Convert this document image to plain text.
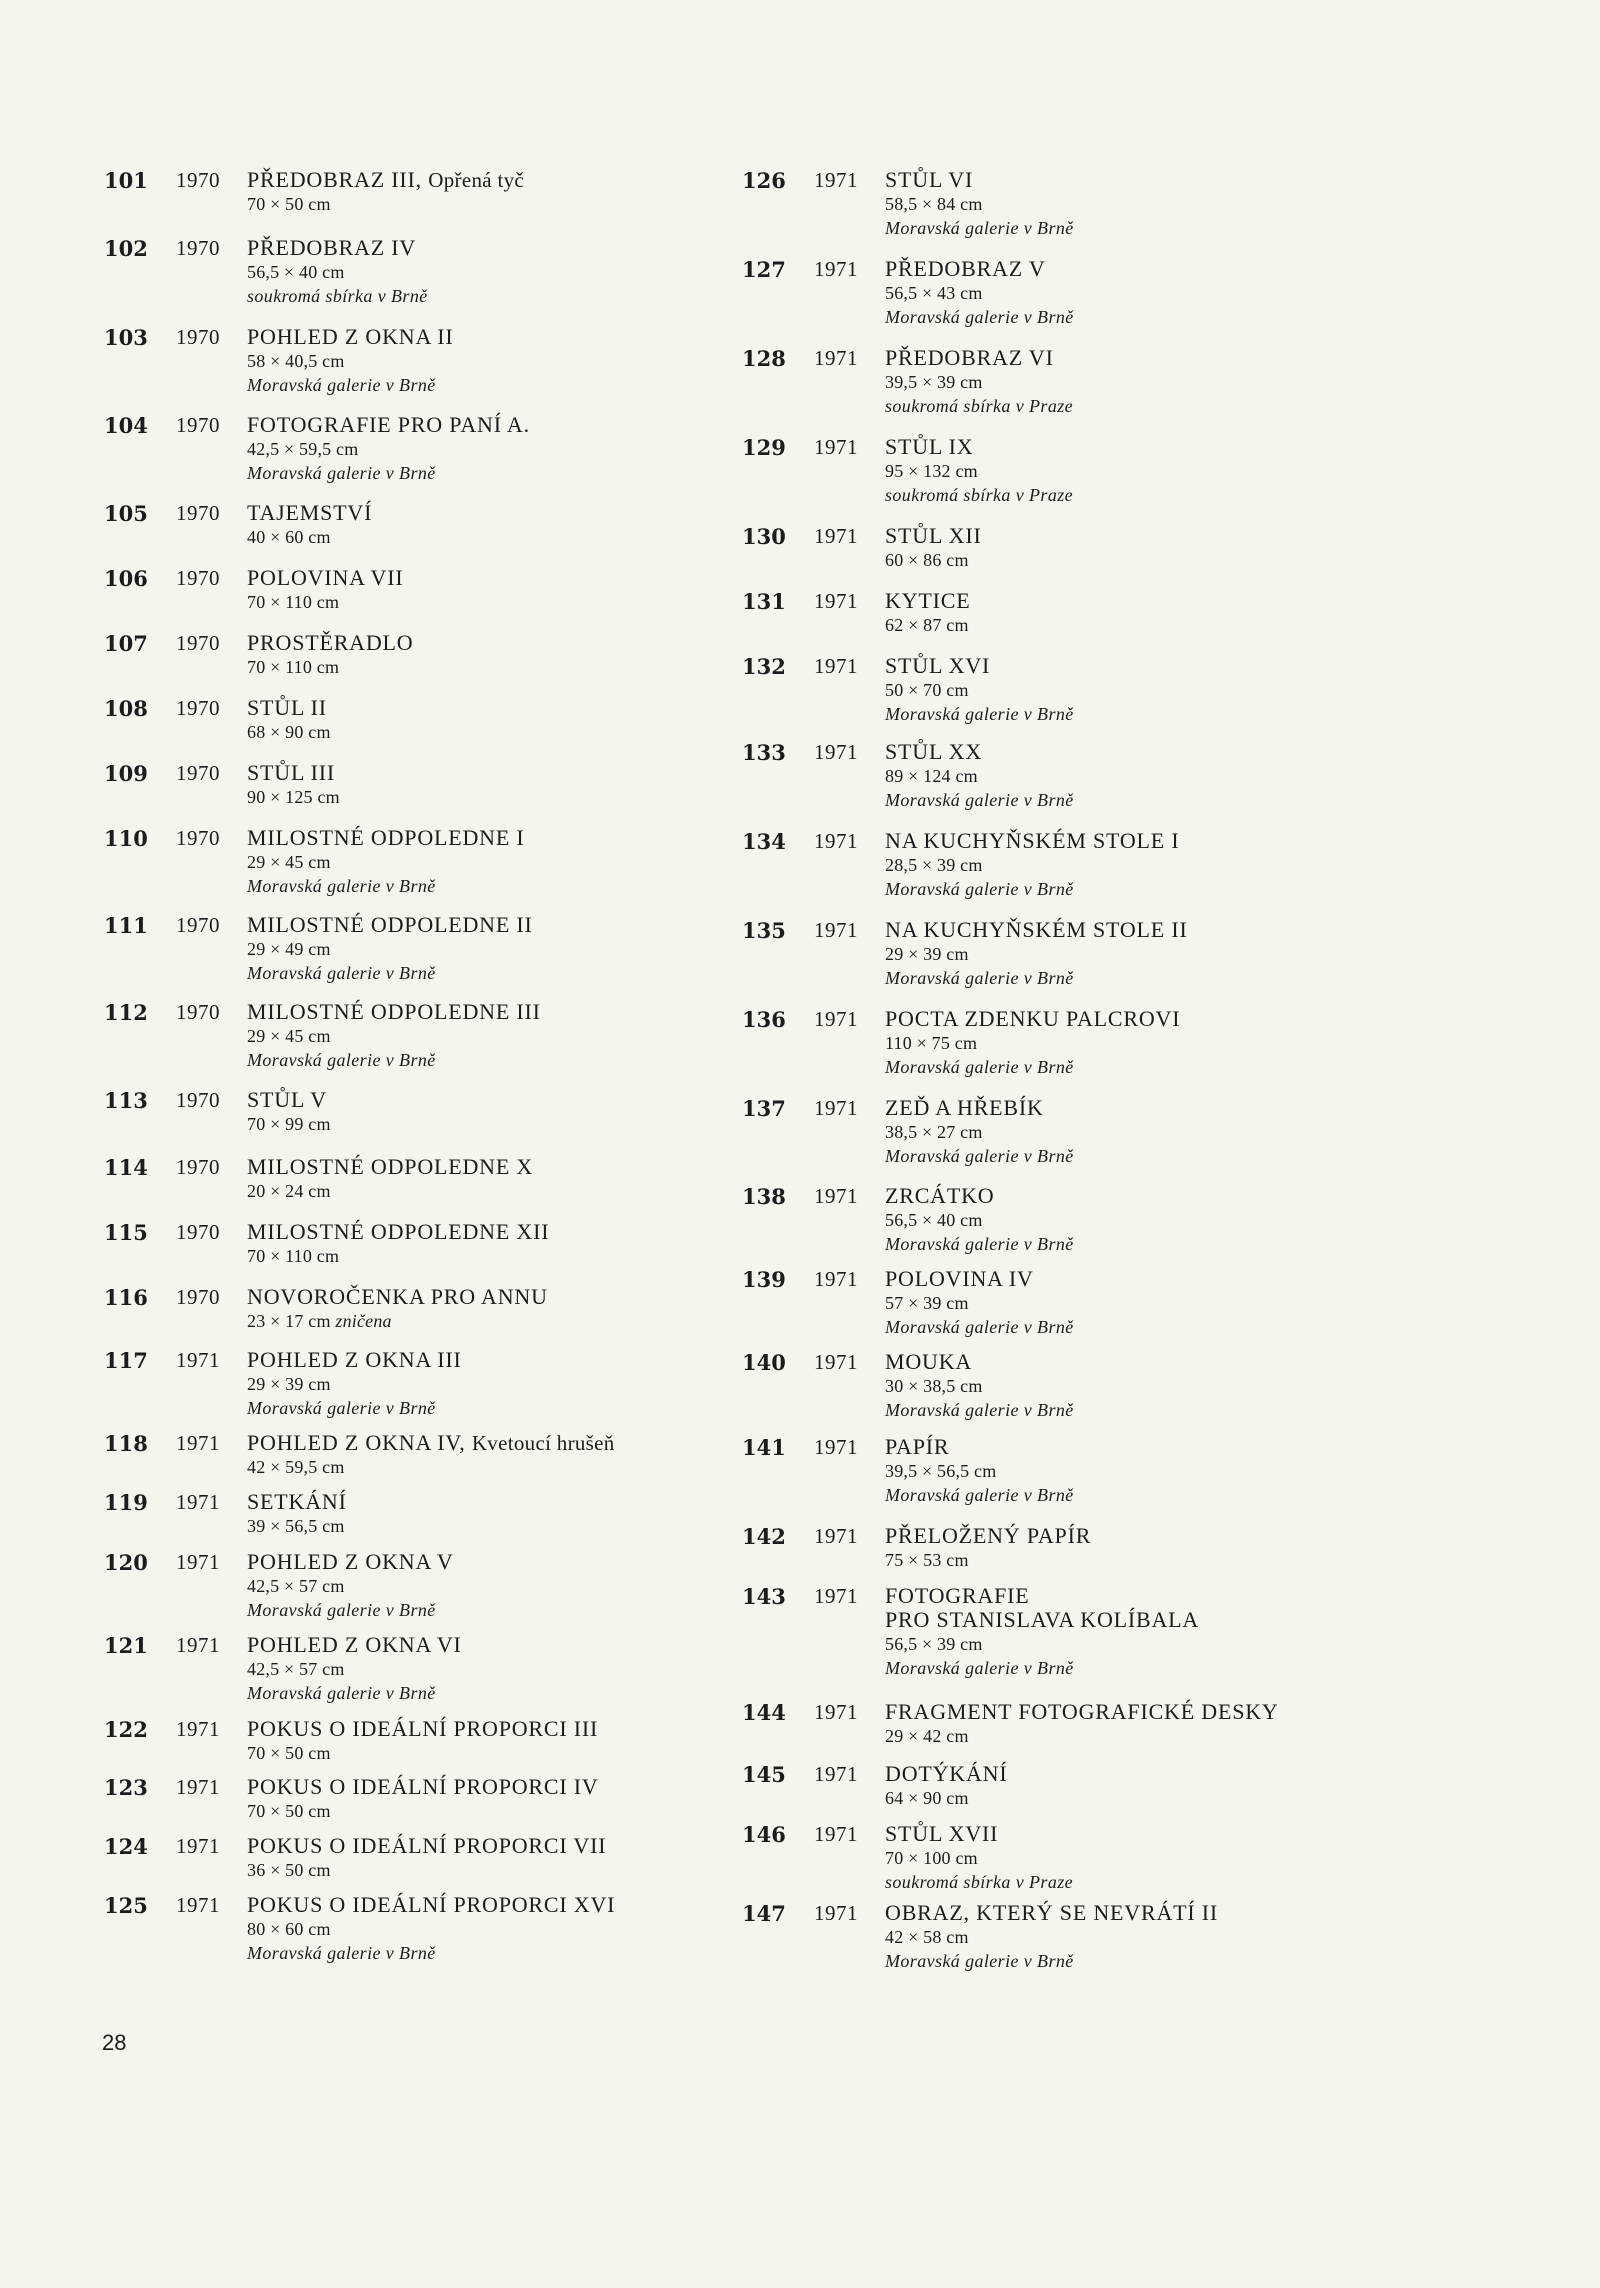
101 1970 PŘEDOBRAZ III, Opřená tyč
70 × 50 cm
102 1970 PŘEDOBRAZ IV
56,5 × 40 cm
soukromá sbírka v Brně
103 1970 POHLED Z OKNA II
58 × 40,5 cm
Moravská galerie v Brně
104 1970 FOTOGRAFIE PRO PANÍ A.
42,5 × 59,5 cm
Moravská galerie v Brně
105 1970 TAJEMSTVÍ
40 × 60 cm
106 1970 POLOVINA VII
70 × 110 cm
107 1970 PROSTĚRADLO
70 × 110 cm
108 1970 STŮL II
68 × 90 cm
109 1970 STŮL III
90 × 125 cm
110 1970 MILOSTNÉ ODPOLEDNE I
29 × 45 cm
Moravská galerie v Brně
111 1970 MILOSTNÉ ODPOLEDNE II
29 × 49 cm
Moravská galerie v Brně
112 1970 MILOSTNÉ ODPOLEDNE III
29 × 45 cm
Moravská galerie v Brně
113 1970 STŮL V
70 × 99 cm
114 1970 MILOSTNÉ ODPOLEDNE X
20 × 24 cm
115 1970 MILOSTNÉ ODPOLEDNE XII
70 × 110 cm
116 1970 NOVOROČENKA PRO ANNU
23 × 17 cm zničena
117 1971 POHLED Z OKNA III
29 × 39 cm
Moravská galerie v Brně
118 1971 POHLED Z OKNA IV, Kvetoucí hrušeň
42 × 59,5 cm
119 1971 SETKÁNÍ
39 × 56,5 cm
120 1971 POHLED Z OKNA V
42,5 × 57 cm
Moravská galerie v Brně
121 1971 POHLED Z OKNA VI
42,5 × 57 cm
Moravská galerie v Brně
122 1971 POKUS O IDEÁLNÍ PROPORCI III
70 × 50 cm
123 1971 POKUS O IDEÁLNÍ PROPORCI IV
70 × 50 cm
124 1971 POKUS O IDEÁLNÍ PROPORCI VII
36 × 50 cm
125 1971 POKUS O IDEÁLNÍ PROPORCI XVI
80 × 60 cm
Moravská galerie v Brně
126 1971 STŮL VI
58,5 × 84 cm
Moravská galerie v Brně
127 1971 PŘEDOBRAZ V
56,5 × 43 cm
Moravská galerie v Brně
128 1971 PŘEDOBRAZ VI
39,5 × 39 cm
soukromá sbírka v Praze
129 1971 STŮL IX
95 × 132 cm
soukromá sbírka v Praze
130 1971 STŮL XII
60 × 86 cm
131 1971 KYTICE
62 × 87 cm
132 1971 STŮL XVI
50 × 70 cm
Moravská galerie v Brně
133 1971 STŮL XX
89 × 124 cm
Moravská galerie v Brně
134 1971 NA KUCHYŇSKÉM STOLE I
28,5 × 39 cm
Moravská galerie v Brně
135 1971 NA KUCHYŇSKÉM STOLE II
29 × 39 cm
Moravská galerie v Brně
136 1971 POCTA ZDENKU PALCROVI
110 × 75 cm
Moravská galerie v Brně
137 1971 ZEĎ A HŘEBÍK
38,5 × 27 cm
Moravská galerie v Brně
138 1971 ZRCÁTKO
56,5 × 40 cm
Moravská galerie v Brně
139 1971 POLOVINA IV
57 × 39 cm
Moravská galerie v Brně
140 1971 MOUKA
30 × 38,5 cm
Moravská galerie v Brně
141 1971 PAPÍR
39,5 × 56,5 cm
Moravská galerie v Brně
142 1971 PŘELOŽENÝ PAPÍR
75 × 53 cm
143 1971 FOTOGRAFIE
PRO STANISLAVA KOLÍBALA
56,5 × 39 cm
Moravská galerie v Brně
144 1971 FRAGMENT FOTOGRAFICKÉ DESKY
29 × 42 cm
145 1971 DOTÝKÁNÍ
64 × 90 cm
146 1971 STŮL XVII
70 × 100 cm
soukromá sbírka v Praze
147 1971 OBRAZ, KTERÝ SE NEVRÁTÍ II
42 × 58 cm
Moravská galerie v Brně
28
